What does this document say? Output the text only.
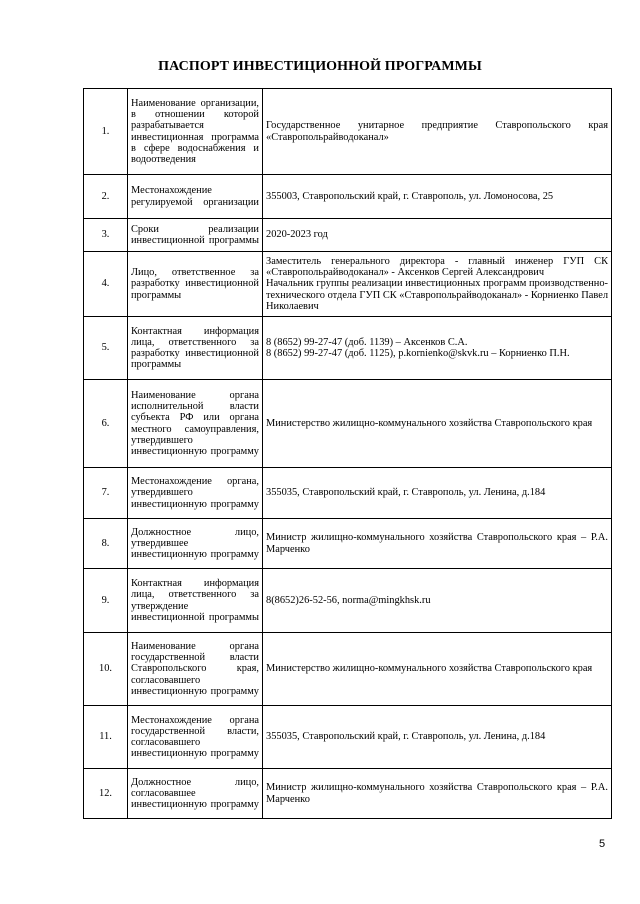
ПАСПОРТ ИНВЕСТИЦИОННОЙ ПРОГРАММЫ
1.	Наименование организации, в отношении которой разрабатывается инвестиционная программа в сфере водоснабжения и водоотведения	Государственное унитарное предприятие Ставропольского края «Ставропольрайводоканал»

2.	Местонахождение регулируемой организации	355003, Ставропольский край, г. Ставрополь, ул. Ломоносова, 25

3.	Сроки реализации инвестиционной программы	2020-2023 год

4.	Лицо, ответственное за разработку инвестиционной программы	Заместитель генерального директора - главный инженер ГУП СК «Ставропольрайводоканал» - Аксенков Сергей Александрович
Начальник группы реализации инвестиционных программ производственно-технического отдела ГУП СК «Ставропольрайводоканал» - Корниенко Павел Николаевич

5.	Контактная информация лица, ответственного за разработку инвестиционной программы	8 (8652) 99-27-47 (доб. 1139) – Аксенков С.А.
8 (8652) 99-27-47 (доб. 1125), p.kornienko@skvk.ru – Корниенко П.Н.

6.	Наименование органа исполнительной власти субъекта РФ или органа местного самоуправления, утвердившего инвестиционную программу	Министерство жилищно-коммунального хозяйства Ставропольского края

7.	Местонахождение органа, утвердившего инвестиционную программу	355035, Ставропольский край, г. Ставрополь, ул. Ленина, д.184

8.	Должностное лицо, утвердившее инвестиционную программу	Министр жилищно-коммунального хозяйства Ставропольского края – Р.А. Марченко

9.	Контактная информация лица, ответственного за утверждение инвестиционной программы	8(8652)26-52-56, norma@mingkhsk.ru

10.	Наименование органа государственной власти Ставропольского края, согласовавшего инвестиционную программу	Министерство жилищно-коммунального хозяйства Ставропольского края

11.	Местонахождение органа государственной власти, согласовавшего инвестиционную программу	355035, Ставропольский край, г. Ставрополь, ул. Ленина, д.184

12.	Должностное лицо, согласовавшее инвестиционную программу	Министр жилищно-коммунального хозяйства Ставропольского края – Р.А. Марченко
5
